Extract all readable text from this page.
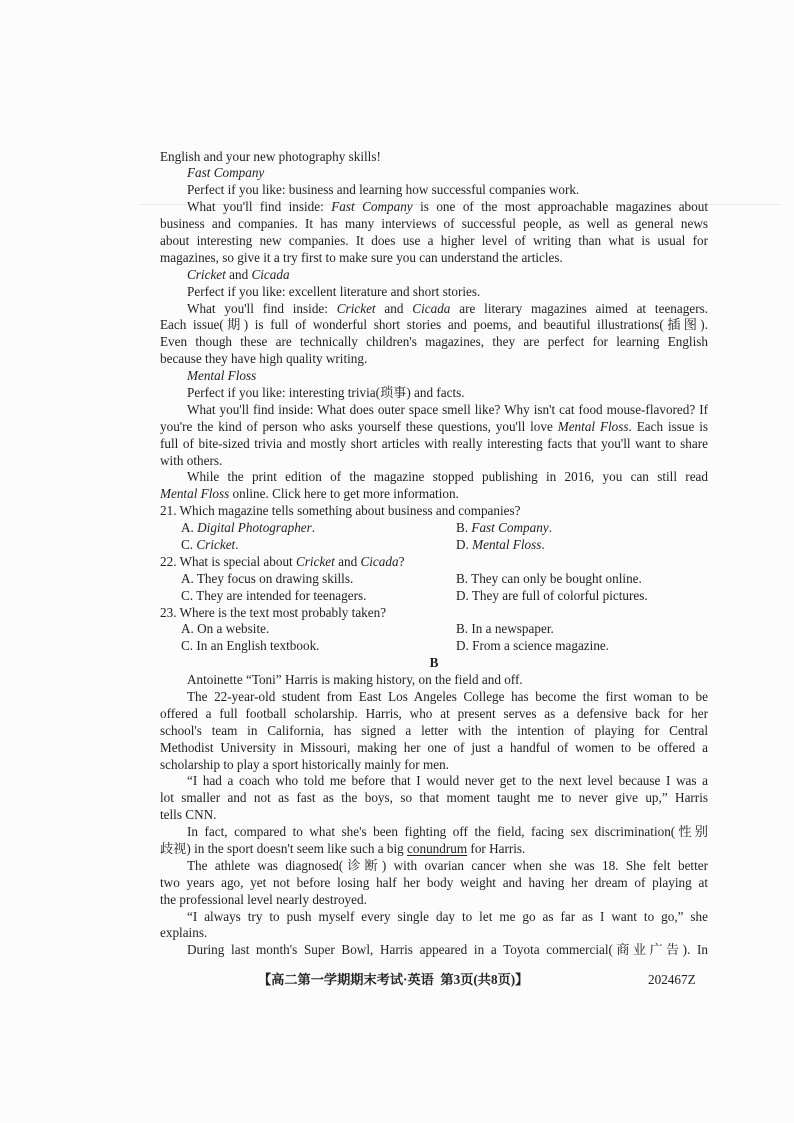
English and your new photography skills!
Fast Company
Perfect if you like: business and learning how successful companies work.
What you'll find inside: Fast Company is one of the most approachable magazines about
business and companies. It has many interviews of successful people, as well as general news
about interesting new companies. It does use a higher level of writing than what is usual for
magazines, so give it a try first to make sure you can understand the articles.
Cricket and Cicada
Perfect if you like: excellent literature and short stories.
What you'll find inside: Cricket and Cicada are literary magazines aimed at teenagers.
Each issue(期) is full of wonderful short stories and poems, and beautiful illustrations(插图).
Even though these are technically children's magazines, they are perfect for learning English
because they have high quality writing.
Mental Floss
Perfect if you like: interesting trivia(琐事) and facts.
What you'll find inside: What does outer space smell like? Why isn't cat food mouse-flavored? If
you're the kind of person who asks yourself these questions, you'll love Mental Floss. Each issue is
full of bite-sized trivia and mostly short articles with really interesting facts that you'll want to share
with others.
While the print edition of the magazine stopped publishing in 2016, you can still read
Mental Floss online. Click here to get more information.
21. Which magazine tells something about business and companies?
A. Digital Photographer.	B. Fast Company.
C. Cricket.	D. Mental Floss.
22. What is special about Cricket and Cicada?
A. They focus on drawing skills.	B. They can only be bought online.
C. They are intended for teenagers.	D. They are full of colorful pictures.
23. Where is the text most probably taken?
A. On a website.	B. In a newspaper.
C. In an English textbook.	D. From a science magazine.
B
Antoinette “Toni” Harris is making history, on the field and off.
The 22-year-old student from East Los Angeles College has become the first woman to be
offered a full football scholarship. Harris, who at present serves as a defensive back for her
school's team in California, has signed a letter with the intention of playing for Central
Methodist University in Missouri, making her one of just a handful of women to be offered a
scholarship to play a sport historically mainly for men.
“I had a coach who told me before that I would never get to the next level because I was a
lot smaller and not as fast as the boys, so that moment taught me to never give up,” Harris
tells CNN.
In fact, compared to what she's been fighting off the field, facing sex discrimination(性别
歧视) in the sport doesn't seem like such a big conundrum for Harris.
The athlete was diagnosed(诊断) with ovarian cancer when she was 18. She felt better
two years ago, yet not before losing half her body weight and having her dream of playing at
the professional level nearly destroyed.
“I always try to push myself every single day to let me go as far as I want to go,” she
explains.
During last month's Super Bowl, Harris appeared in a Toyota commercial(商业广告). In
【高二第一学期期末考试·英语  第3页(共8页)】	202467Z
